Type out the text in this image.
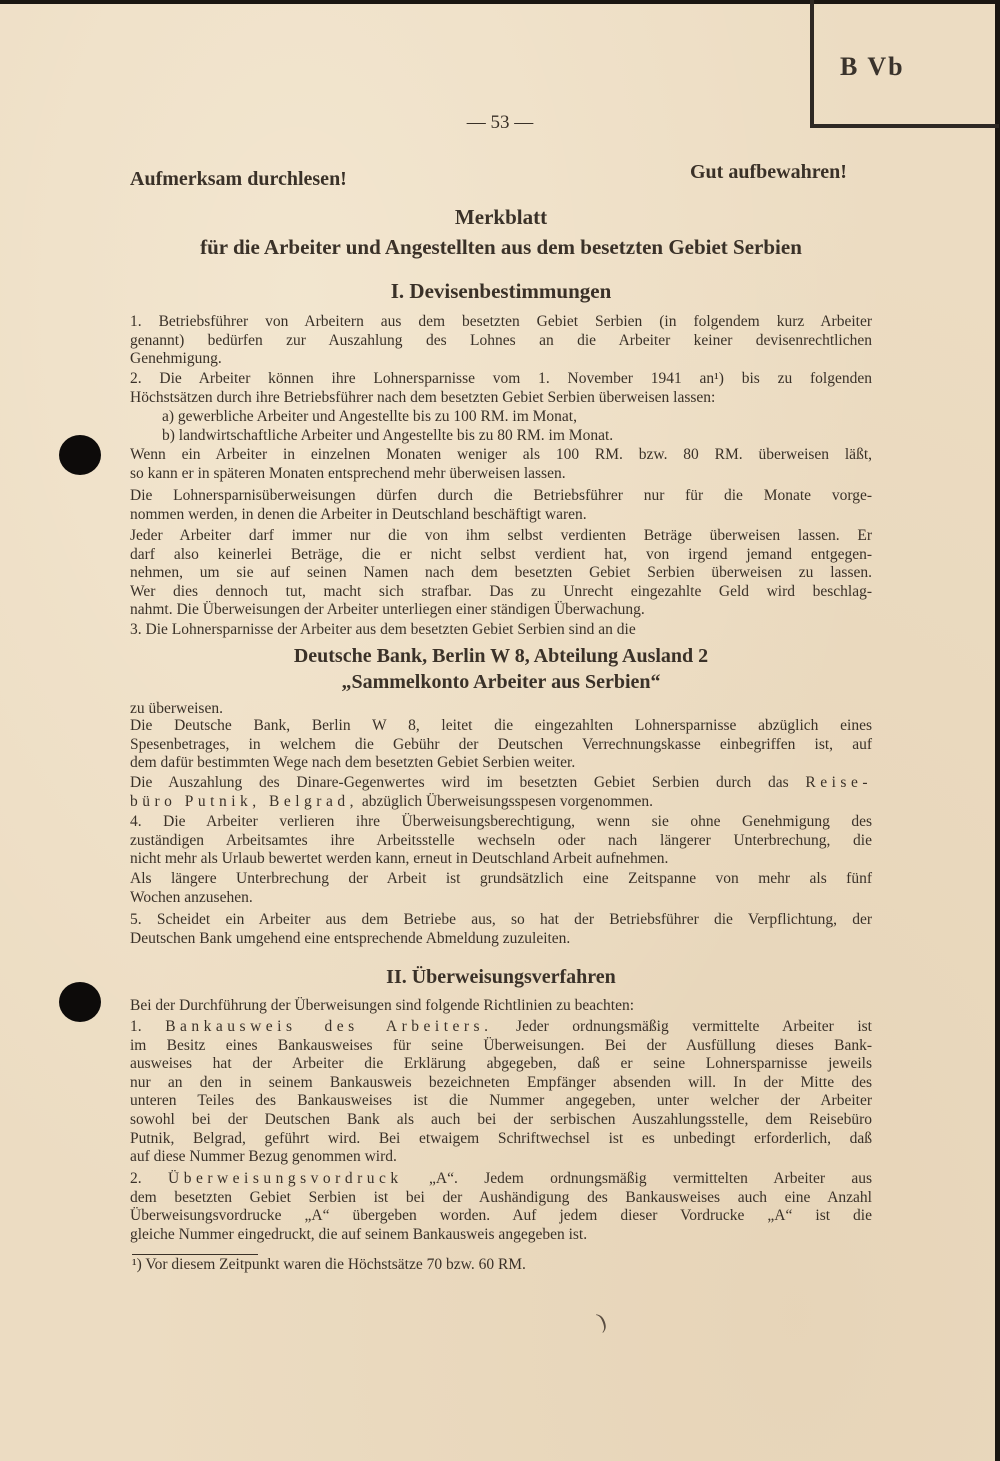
B Vb
— 53 —
Aufmerksam durchlesen!	Gut aufbewahren!
Merkblatt
für die Arbeiter und Angestellten aus dem besetzten Gebiet Serbien
I. Devisenbestimmungen
Deutsche Bank, Berlin W 8, Abteilung Ausland 2
„Sammelkonto Arbeiter aus Serbien“
II. Überweisungsverfahren
1. Betriebsführer von Arbeitern aus dem besetzten Gebiet Serbien (in folgendem kurz Arbeiter
genannt) bedürfen zur Auszahlung des Lohnes an die Arbeiter keiner devisenrechtlichen
Genehmigung.
2. Die Arbeiter können ihre Lohnersparnisse vom 1. November 1941 an¹) bis zu folgenden
Höchstsätzen durch ihre Betriebsführer nach dem besetzten Gebiet Serbien überweisen lassen:
a) gewerbliche Arbeiter und Angestellte bis zu 100 RM. im Monat,
b) landwirtschaftliche Arbeiter und Angestellte bis zu 80 RM. im Monat.
Wenn ein Arbeiter in einzelnen Monaten weniger als 100 RM. bzw. 80 RM. überweisen läßt,
so kann er in späteren Monaten entsprechend mehr überweisen lassen.
Die Lohnersparnisüberweisungen dürfen durch die Betriebsführer nur für die Monate vorge-
nommen werden, in denen die Arbeiter in Deutschland beschäftigt waren.
Jeder Arbeiter darf immer nur die von ihm selbst verdienten Beträge überweisen lassen. Er
darf also keinerlei Beträge, die er nicht selbst verdient hat, von irgend jemand entgegen-
nehmen, um sie auf seinen Namen nach dem besetzten Gebiet Serbien überweisen zu lassen.
Wer dies dennoch tut, macht sich strafbar. Das zu Unrecht eingezahlte Geld wird beschlag-
nahmt. Die Überweisungen der Arbeiter unterliegen einer ständigen Überwachung.
3. Die Lohnersparnisse der Arbeiter aus dem besetzten Gebiet Serbien sind an die
zu überweisen.
Die Deutsche Bank, Berlin W 8, leitet die eingezahlten Lohnersparnisse abzüglich eines
Spesenbetrages, in welchem die Gebühr der Deutschen Verrechnungskasse einbegriffen ist, auf
dem dafür bestimmten Wege nach dem besetzten Gebiet Serbien weiter.
Die Auszahlung des Dinare-Gegenwertes wird im besetzten Gebiet Serbien durch das Reise-
büro Putnik, Belgrad, abzüglich Überweisungsspesen vorgenommen.
4. Die Arbeiter verlieren ihre Überweisungsberechtigung, wenn sie ohne Genehmigung des
zuständigen Arbeitsamtes ihre Arbeitsstelle wechseln oder nach längerer Unterbrechung, die
nicht mehr als Urlaub bewertet werden kann, erneut in Deutschland Arbeit aufnehmen.
Als längere Unterbrechung der Arbeit ist grundsätzlich eine Zeitspanne von mehr als fünf
Wochen anzusehen.
5. Scheidet ein Arbeiter aus dem Betriebe aus, so hat der Betriebsführer die Verpflichtung, der
Deutschen Bank umgehend eine entsprechende Abmeldung zuzuleiten.
Bei der Durchführung der Überweisungen sind folgende Richtlinien zu beachten:
1. Bankausweis des Arbeiters. Jeder ordnungsmäßig vermittelte Arbeiter ist
im Besitz eines Bankausweises für seine Überweisungen. Bei der Ausfüllung dieses Bank-
ausweises hat der Arbeiter die Erklärung abgegeben, daß er seine Lohnersparnisse jeweils
nur an den in seinem Bankausweis bezeichneten Empfänger absenden will. In der Mitte des
unteren Teiles des Bankausweises ist die Nummer angegeben, unter welcher der Arbeiter
sowohl bei der Deutschen Bank als auch bei der serbischen Auszahlungsstelle, dem Reisebüro
Putnik, Belgrad, geführt wird. Bei etwaigem Schriftwechsel ist es unbedingt erforderlich, daß
auf diese Nummer Bezug genommen wird.
2. Überweisungsvordruck „A“. Jedem ordnungsmäßig vermittelten Arbeiter aus
dem besetzten Gebiet Serbien ist bei der Aushändigung des Bankausweises auch eine Anzahl
Überweisungsvordrucke „A“ übergeben worden. Auf jedem dieser Vordrucke „A“ ist die
gleiche Nummer eingedruckt, die auf seinem Bankausweis angegeben ist.
¹) Vor diesem Zeitpunkt waren die Höchstsätze 70 bzw. 60 RM.
)
